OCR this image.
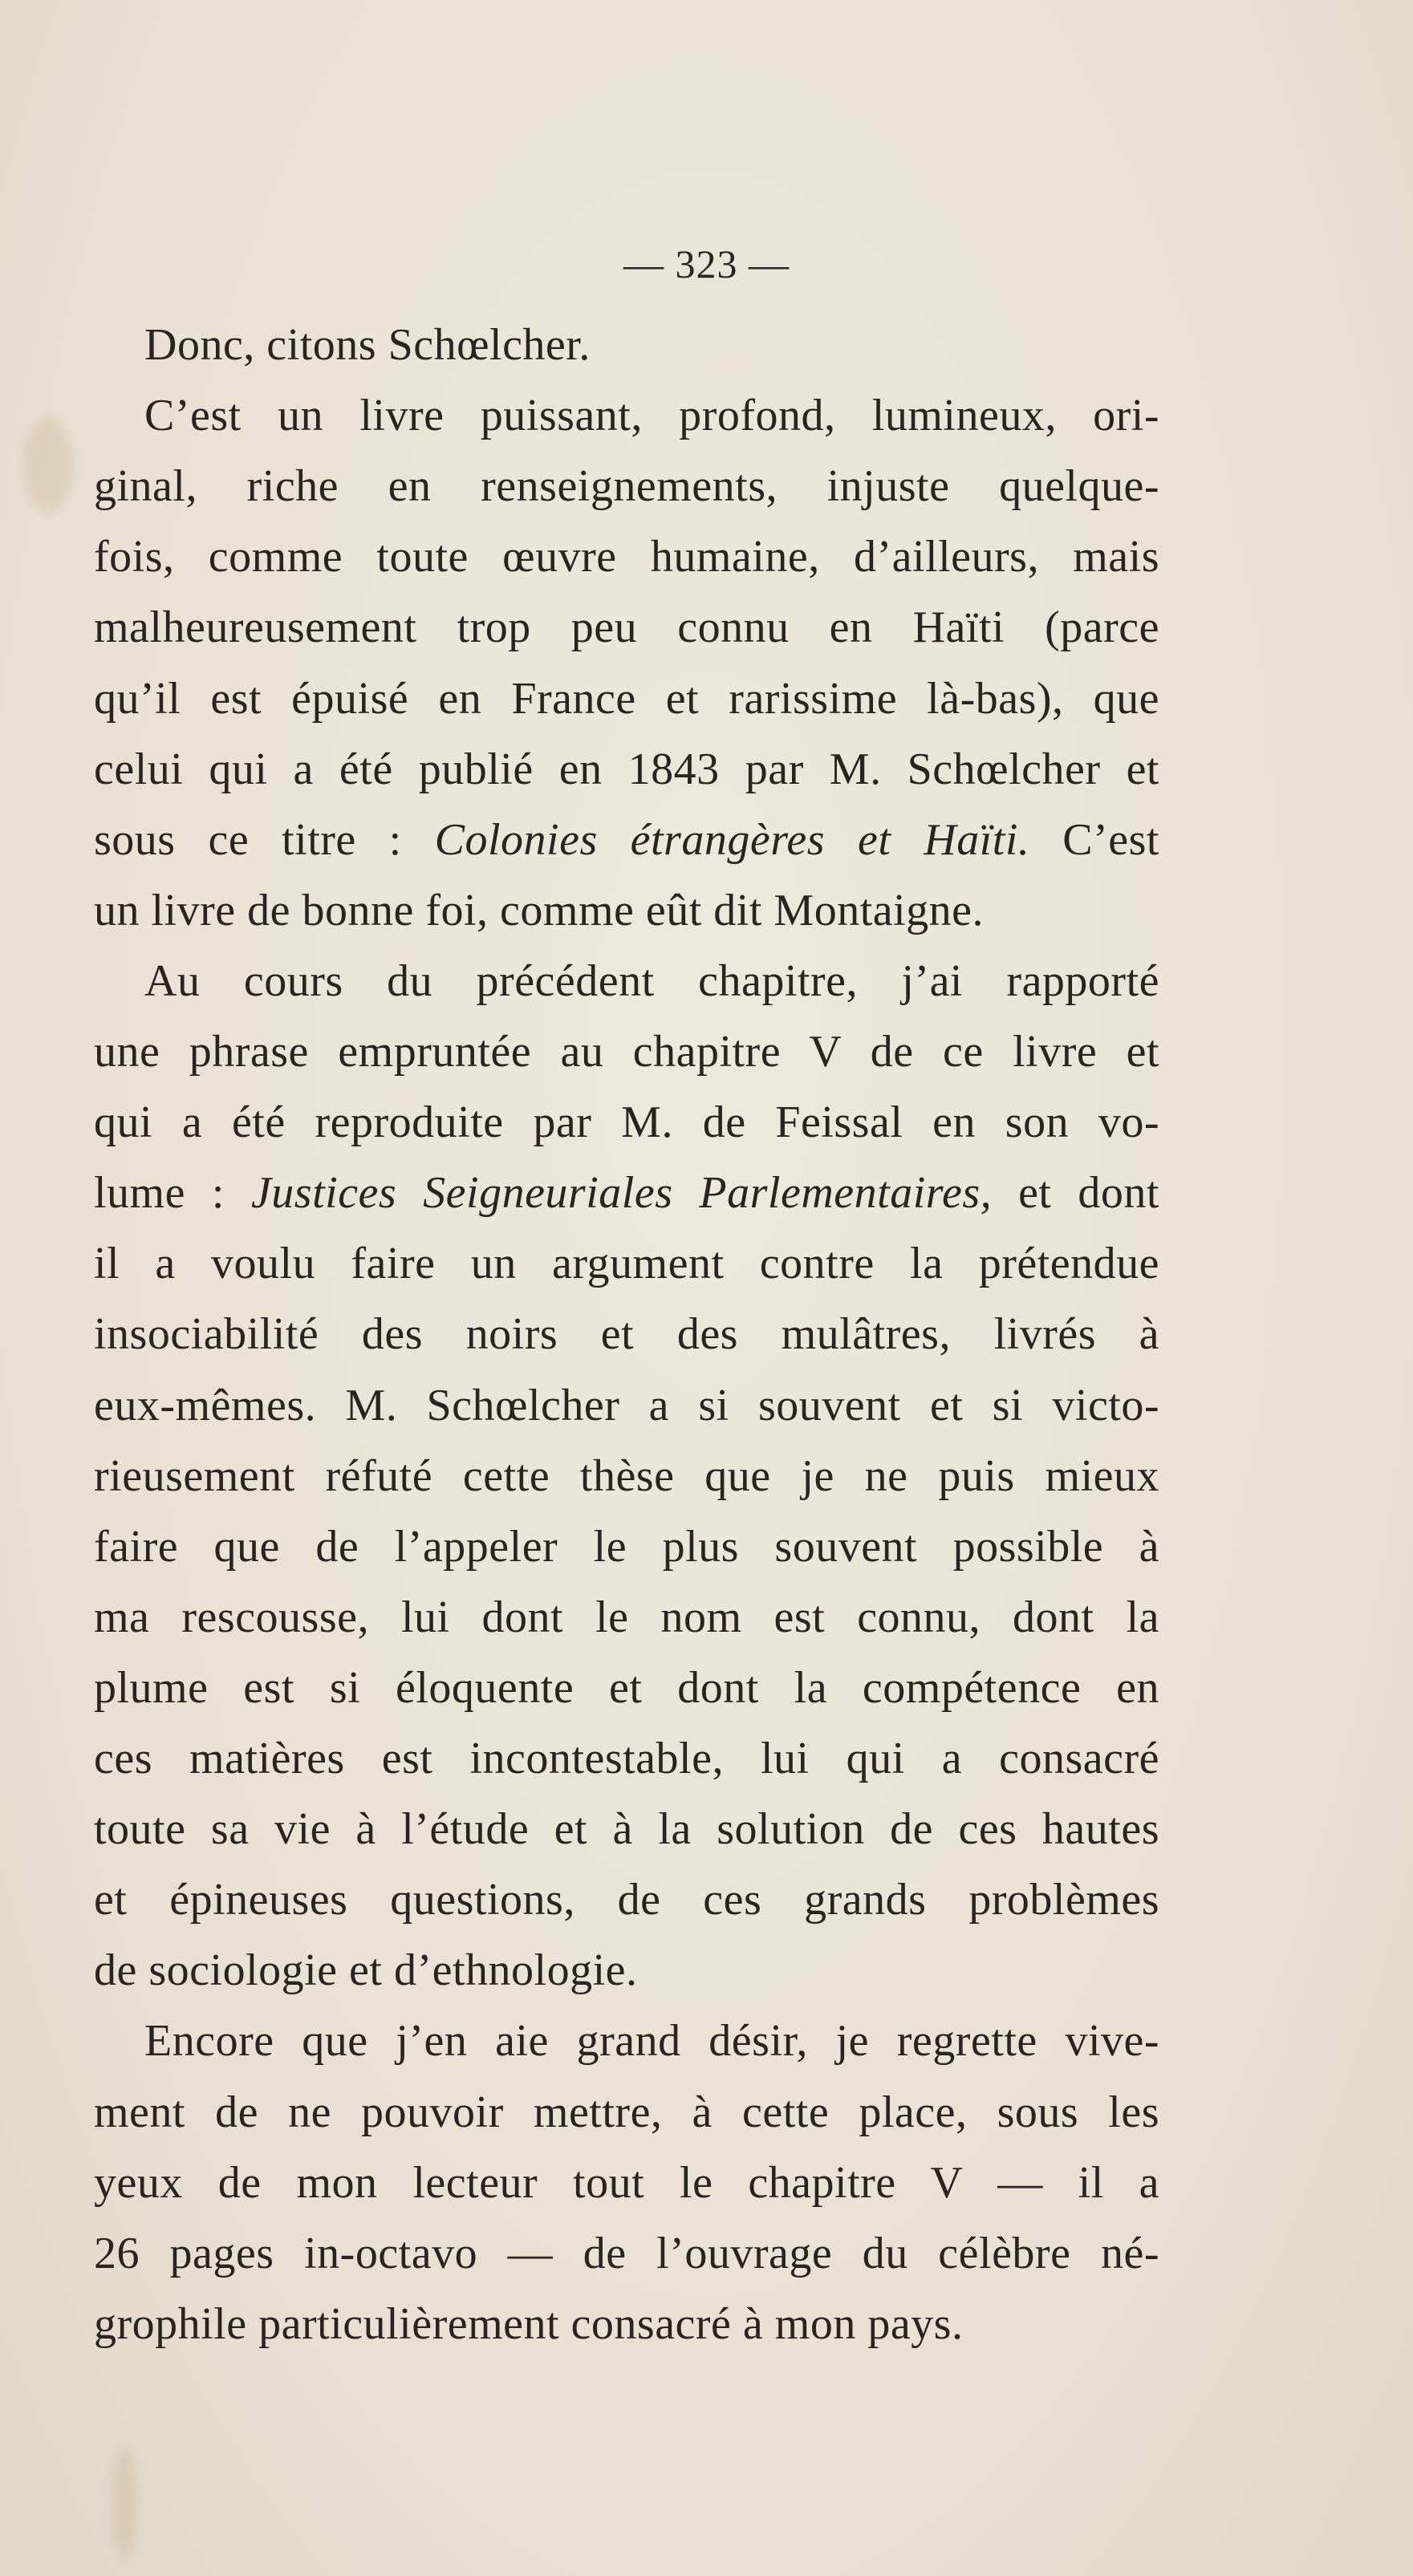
— 323 —
Donc, citons Schœlcher.
C’est un livre puissant, profond, lumineux, ori-
ginal, riche en renseignements, injuste quelque-
fois, comme toute œuvre humaine, d’ailleurs, mais
malheureusement trop peu connu en Haïti (parce
qu’il est épuisé en France et rarissime là-bas), que
celui qui a été publié en 1843 par M. Schœlcher et
sous ce titre : Colonies étrangères et Haïti. C’est
un livre de bonne foi, comme eût dit Montaigne.
Au cours du précédent chapitre, j’ai rapporté
une phrase empruntée au chapitre V de ce livre et
qui a été reproduite par M. de Feissal en son vo-
lume : Justices Seigneuriales Parlementaires, et dont
il a voulu faire un argument contre la prétendue
insociabilité des noirs et des mulâtres, livrés à
eux-mêmes. M. Schœlcher a si souvent et si victo-
rieusement réfuté cette thèse que je ne puis mieux
faire que de l’appeler le plus souvent possible à
ma rescousse, lui dont le nom est connu, dont la
plume est si éloquente et dont la compétence en
ces matières est incontestable, lui qui a consacré
toute sa vie à l’étude et à la solution de ces hautes
et épineuses questions, de ces grands problèmes
de sociologie et d’ethnologie.
Encore que j’en aie grand désir, je regrette vive-
ment de ne pouvoir mettre, à cette place, sous les
yeux de mon lecteur tout le chapitre V — il a
26 pages in-octavo — de l’ouvrage du célèbre né-
grophile particulièrement consacré à mon pays.
